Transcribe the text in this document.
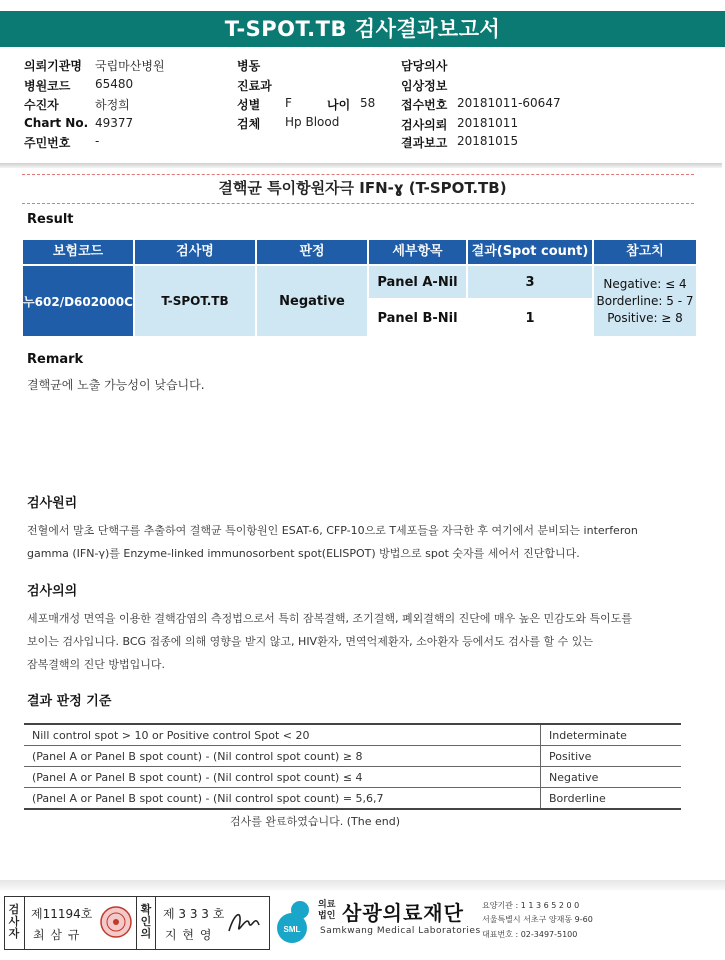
T-SPOT.TB 검사결과보고서
의뢰기관명 국립마산병원
병원코드 65480
수진자	하정희
Chart No. 49377
주민번호 -
병동
진료과
성별 F	나이 58
검체 Hp Blood
담당의사
임상정보
접수번호 20181011-60647
검사의뢰 20181011
결과보고 20181015
결핵균 특이항원자극 IFN-ɣ (T-SPOT.TB)
Result
보험코드	검사명	판정	세부항목	결과(Spot count)	참고치
누602/D602000C	T-SPOT.TB	Negative
Panel A-Nil	3
Panel B-Nil	1
Negative: ≤ 4
Borderline: 5 - 7
Positive: ≥ 8
Remark
결핵균에 노출 가능성이 낮습니다.
검사원리
전혈에서 말초 단핵구를 추출하여 결핵균 특이항원인 ESAT-6, CFP-10으로 T세포들을 자극한 후 여기에서 분비되는 interferon
gamma (IFN-γ)를 Enzyme-linked immunosorbent spot(ELISPOT) 방법으로 spot 숫자를 세어서 진단합니다.
검사의의
세포매개성 면역을 이용한 결핵감염의 측정법으로서 특히 잠복결핵, 조기결핵, 폐외결핵의 진단에 매우 높은 민감도와 특이도를
보이는 검사입니다. BCG 접종에 의해 영향을 받지 않고, HIV환자, 면역억제환자, 소아환자 등에서도 검사를 할 수 있는
잠복결핵의 진단 방법입니다.
결과 판정 기준
Nill control spot > 10 or Positive control Spot < 20	Indeterminate
(Panel A or Panel B spot count) - (Nil control spot count) ≥ 8	Positive
(Panel A or Panel B spot count) - (Nil control spot count) ≤ 4	Negative
(Panel A or Panel B spot count) - (Nil control spot count) = 5,6,7	Borderline
검사를 완료하였습니다. (The end)
검사자
제11194호
최 삼 규
확인의
제 3 3 3 호
지 현 영	SML
의료법인 삼광의료재단
Samkwang Medical Laboratories
요양기관 : 1 1 3 6 5 2 0 0
서울특별시 서초구 양재동 9-60
대표번호 : 02-3497-5100
